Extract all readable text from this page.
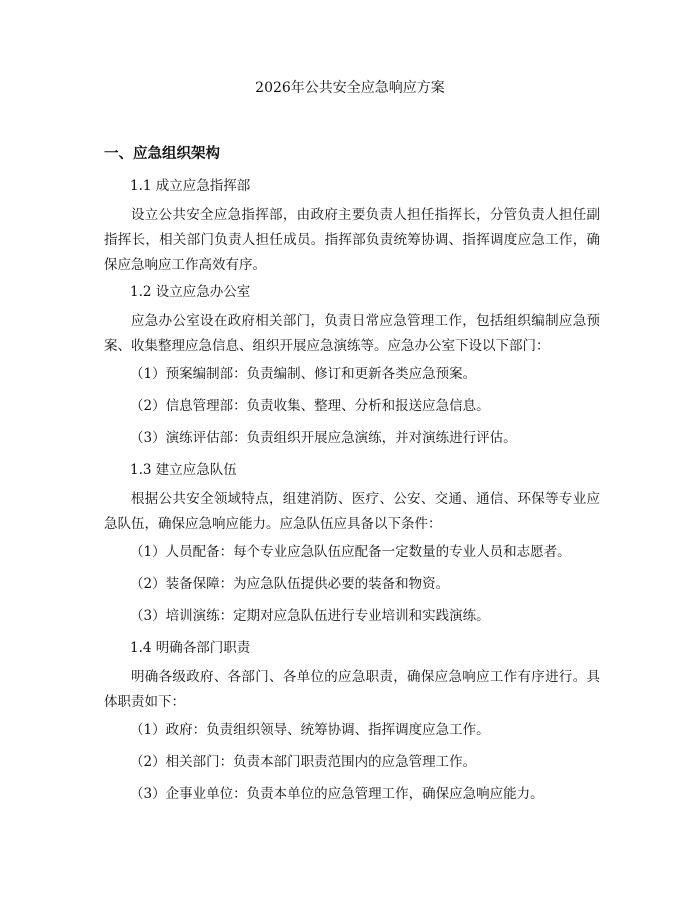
2026年公共安全应急响应方案
一、应急组织架构
1.1 成立应急指挥部

设立公共安全应急指挥部，由政府主要负责人担任指挥长，分管负责人担任副指挥长，相关部门负责人担任成员。指挥部负责统筹协调、指挥调度应急工作，确保应急响应工作高效有序。

1.2 设立应急办公室

应急办公室设在政府相关部门，负责日常应急管理工作，包括组织编制应急预案、收集整理应急信息、组织开展应急演练等。应急办公室下设以下部门：

（1）预案编制部：负责编制、修订和更新各类应急预案。
（2）信息管理部：负责收集、整理、分析和报送应急信息。
（3）演练评估部：负责组织开展应急演练，并对演练进行评估。
1.3 建立应急队伍

根据公共安全领域特点，组建消防、医疗、公安、交通、通信、环保等专业应急队伍，确保应急响应能力。应急队伍应具备以下条件：

（1）人员配备：每个专业应急队伍应配备一定数量的专业人员和志愿者。
（2）装备保障：为应急队伍提供必要的装备和物资。
（3）培训演练：定期对应急队伍进行专业培训和实践演练。
1.4 明确各部门职责

明确各级政府、各部门、各单位的应急职责，确保应急响应工作有序进行。具体职责如下：

（1）政府：负责组织领导、统筹协调、指挥调度应急工作。
（2）相关部门：负责本部门职责范围内的应急管理工作。
（3）企事业单位：负责本单位的应急管理工作，确保应急响应能力。
